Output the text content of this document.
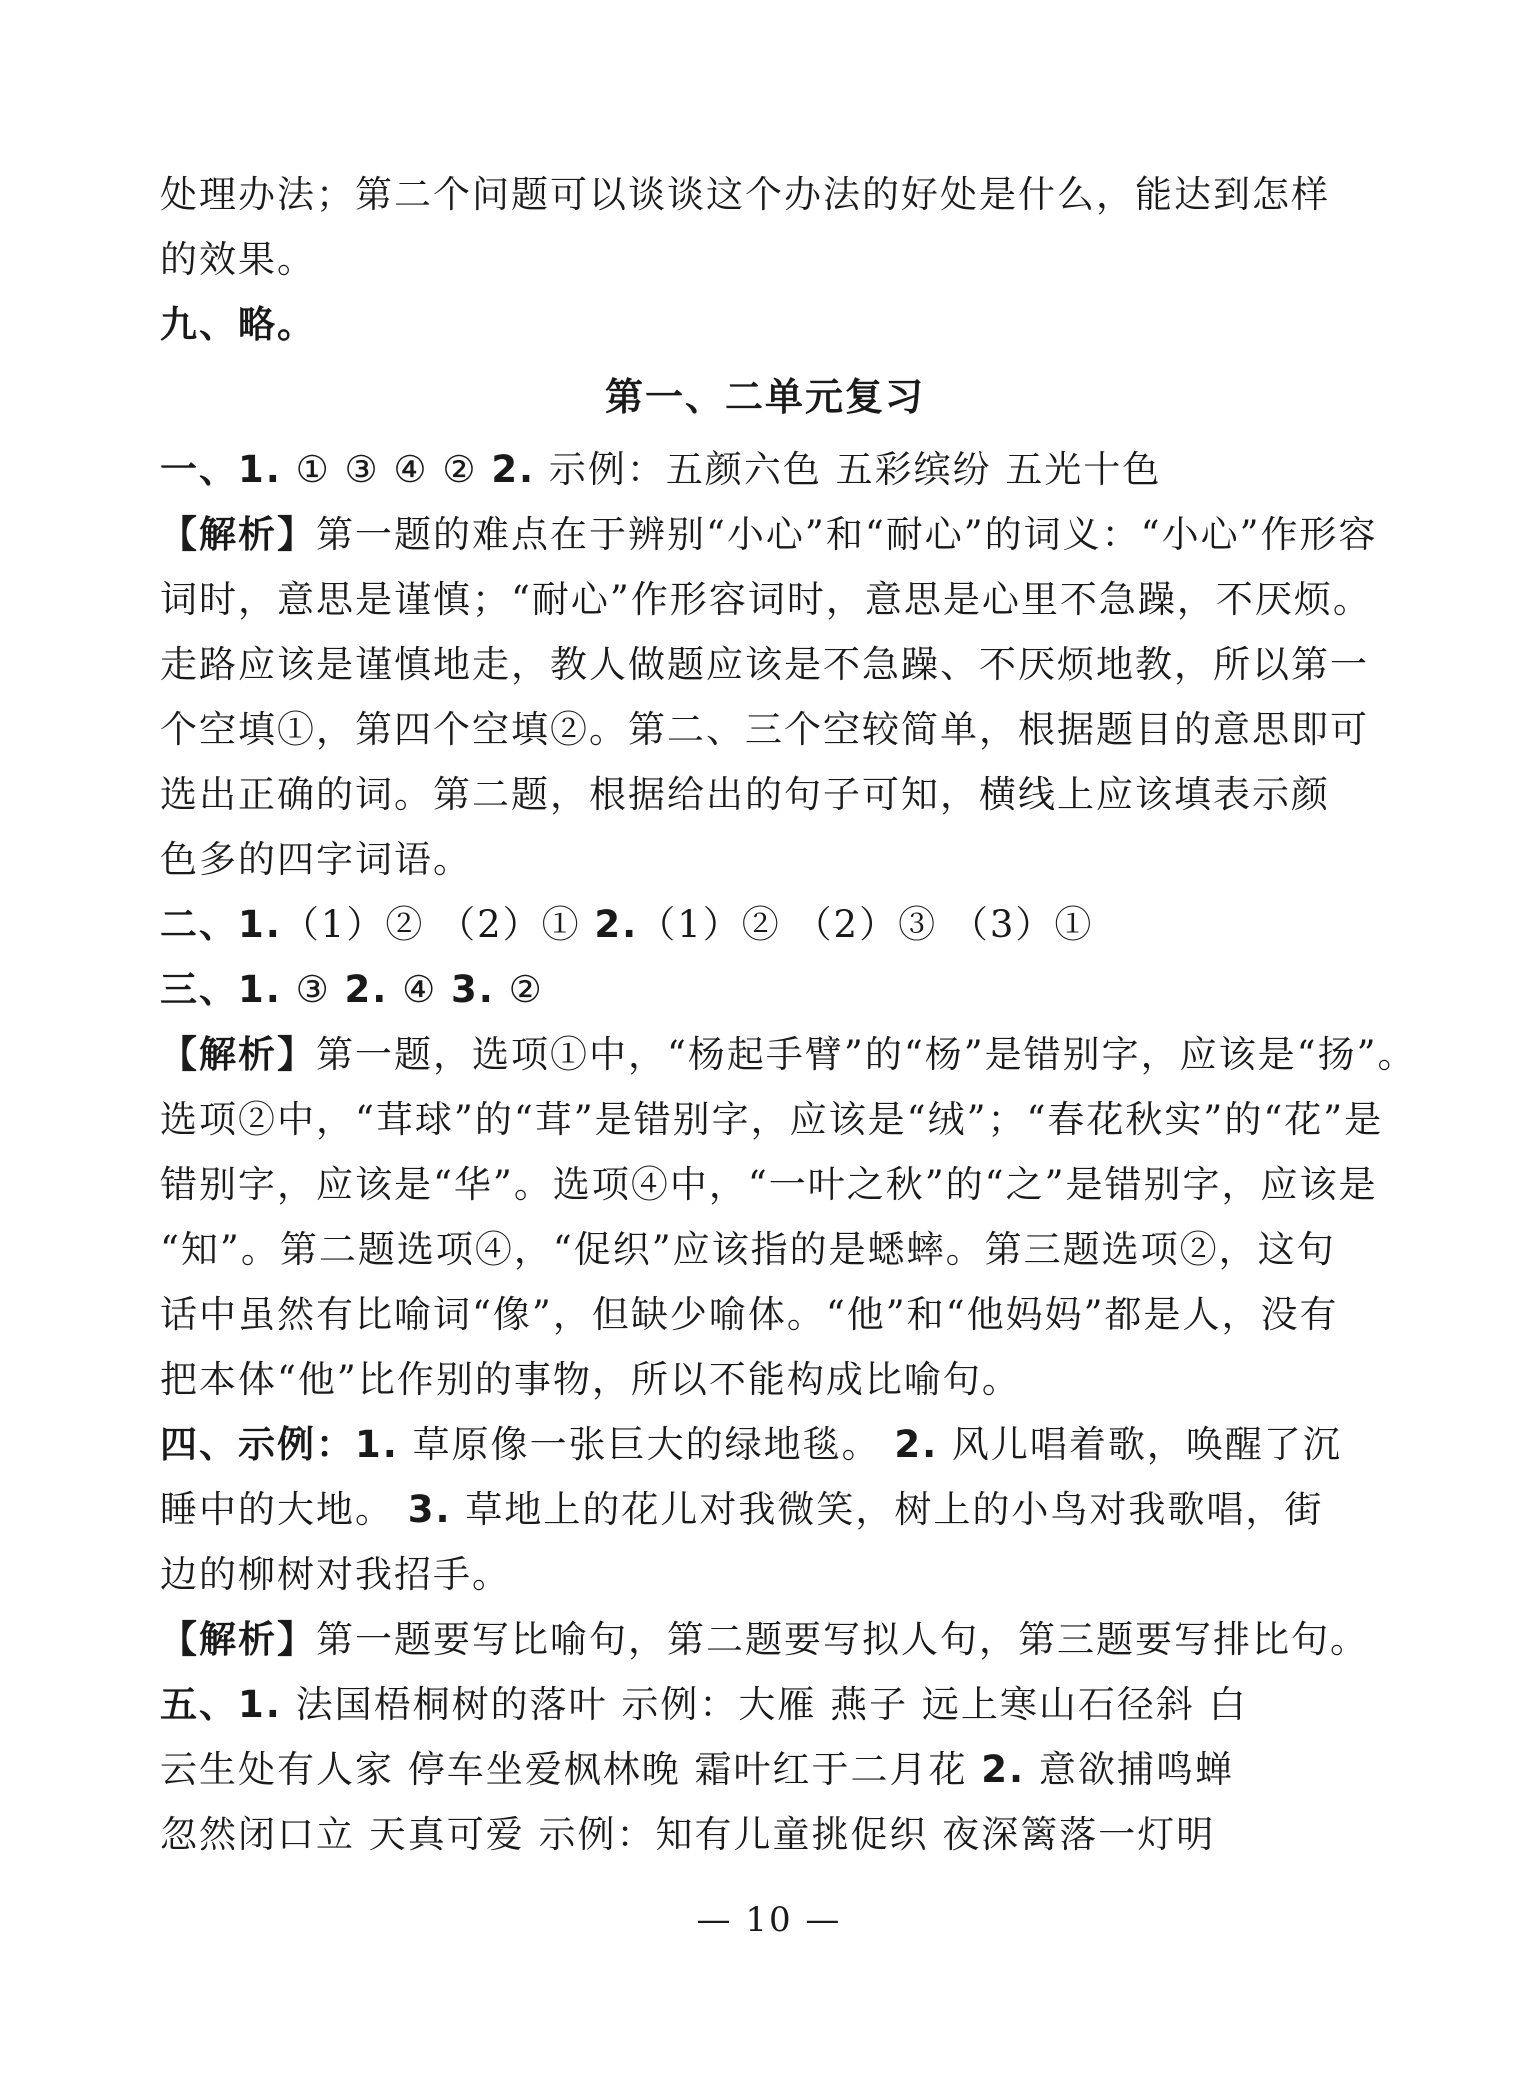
处理办法；第二个问题可以谈谈这个办法的好处是什么，能达到怎样
的效果。
九、略。
第一、二单元复习
一、1. ① ③ ④ ② 2. 示例：五颜六色 五彩缤纷 五光十色
【解析】第一题的难点在于辨别“小心”和“耐心”的词义：“小心”作形容
词时，意思是谨慎；“耐心”作形容词时，意思是心里不急躁，不厌烦。
走路应该是谨慎地走，教人做题应该是不急躁、不厌烦地教，所以第一
个空填①，第四个空填②。第二、三个空较简单，根据题目的意思即可
选出正确的词。第二题，根据给出的句子可知，横线上应该填表示颜
色多的四字词语。
二、1.（1）② （2）① 2.（1）② （2）③ （3）①
三、1. ③ 2. ④ 3. ②
【解析】第一题，选项①中，“杨起手臂”的“杨”是错别字，应该是“扬”。
选项②中，“茸球”的“茸”是错别字，应该是“绒”；“春花秋实”的“花”是
错别字，应该是“华”。选项④中，“一叶之秋”的“之”是错别字，应该是
“知”。第二题选项④，“促织”应该指的是蟋蟀。第三题选项②，这句
话中虽然有比喻词“像”，但缺少喻体。“他”和“他妈妈”都是人，没有
把本体“他”比作别的事物，所以不能构成比喻句。
四、示例：1. 草原像一张巨大的绿地毯。 2. 风儿唱着歌，唤醒了沉
睡中的大地。 3. 草地上的花儿对我微笑，树上的小鸟对我歌唱，街
边的柳树对我招手。
【解析】第一题要写比喻句，第二题要写拟人句，第三题要写排比句。
五、1. 法国梧桐树的落叶 示例：大雁 燕子 远上寒山石径斜 白
云生处有人家 停车坐爱枫林晚 霜叶红于二月花 2. 意欲捕鸣蝉
忽然闭口立 天真可爱 示例：知有儿童挑促织 夜深篱落一灯明
— 10 —
